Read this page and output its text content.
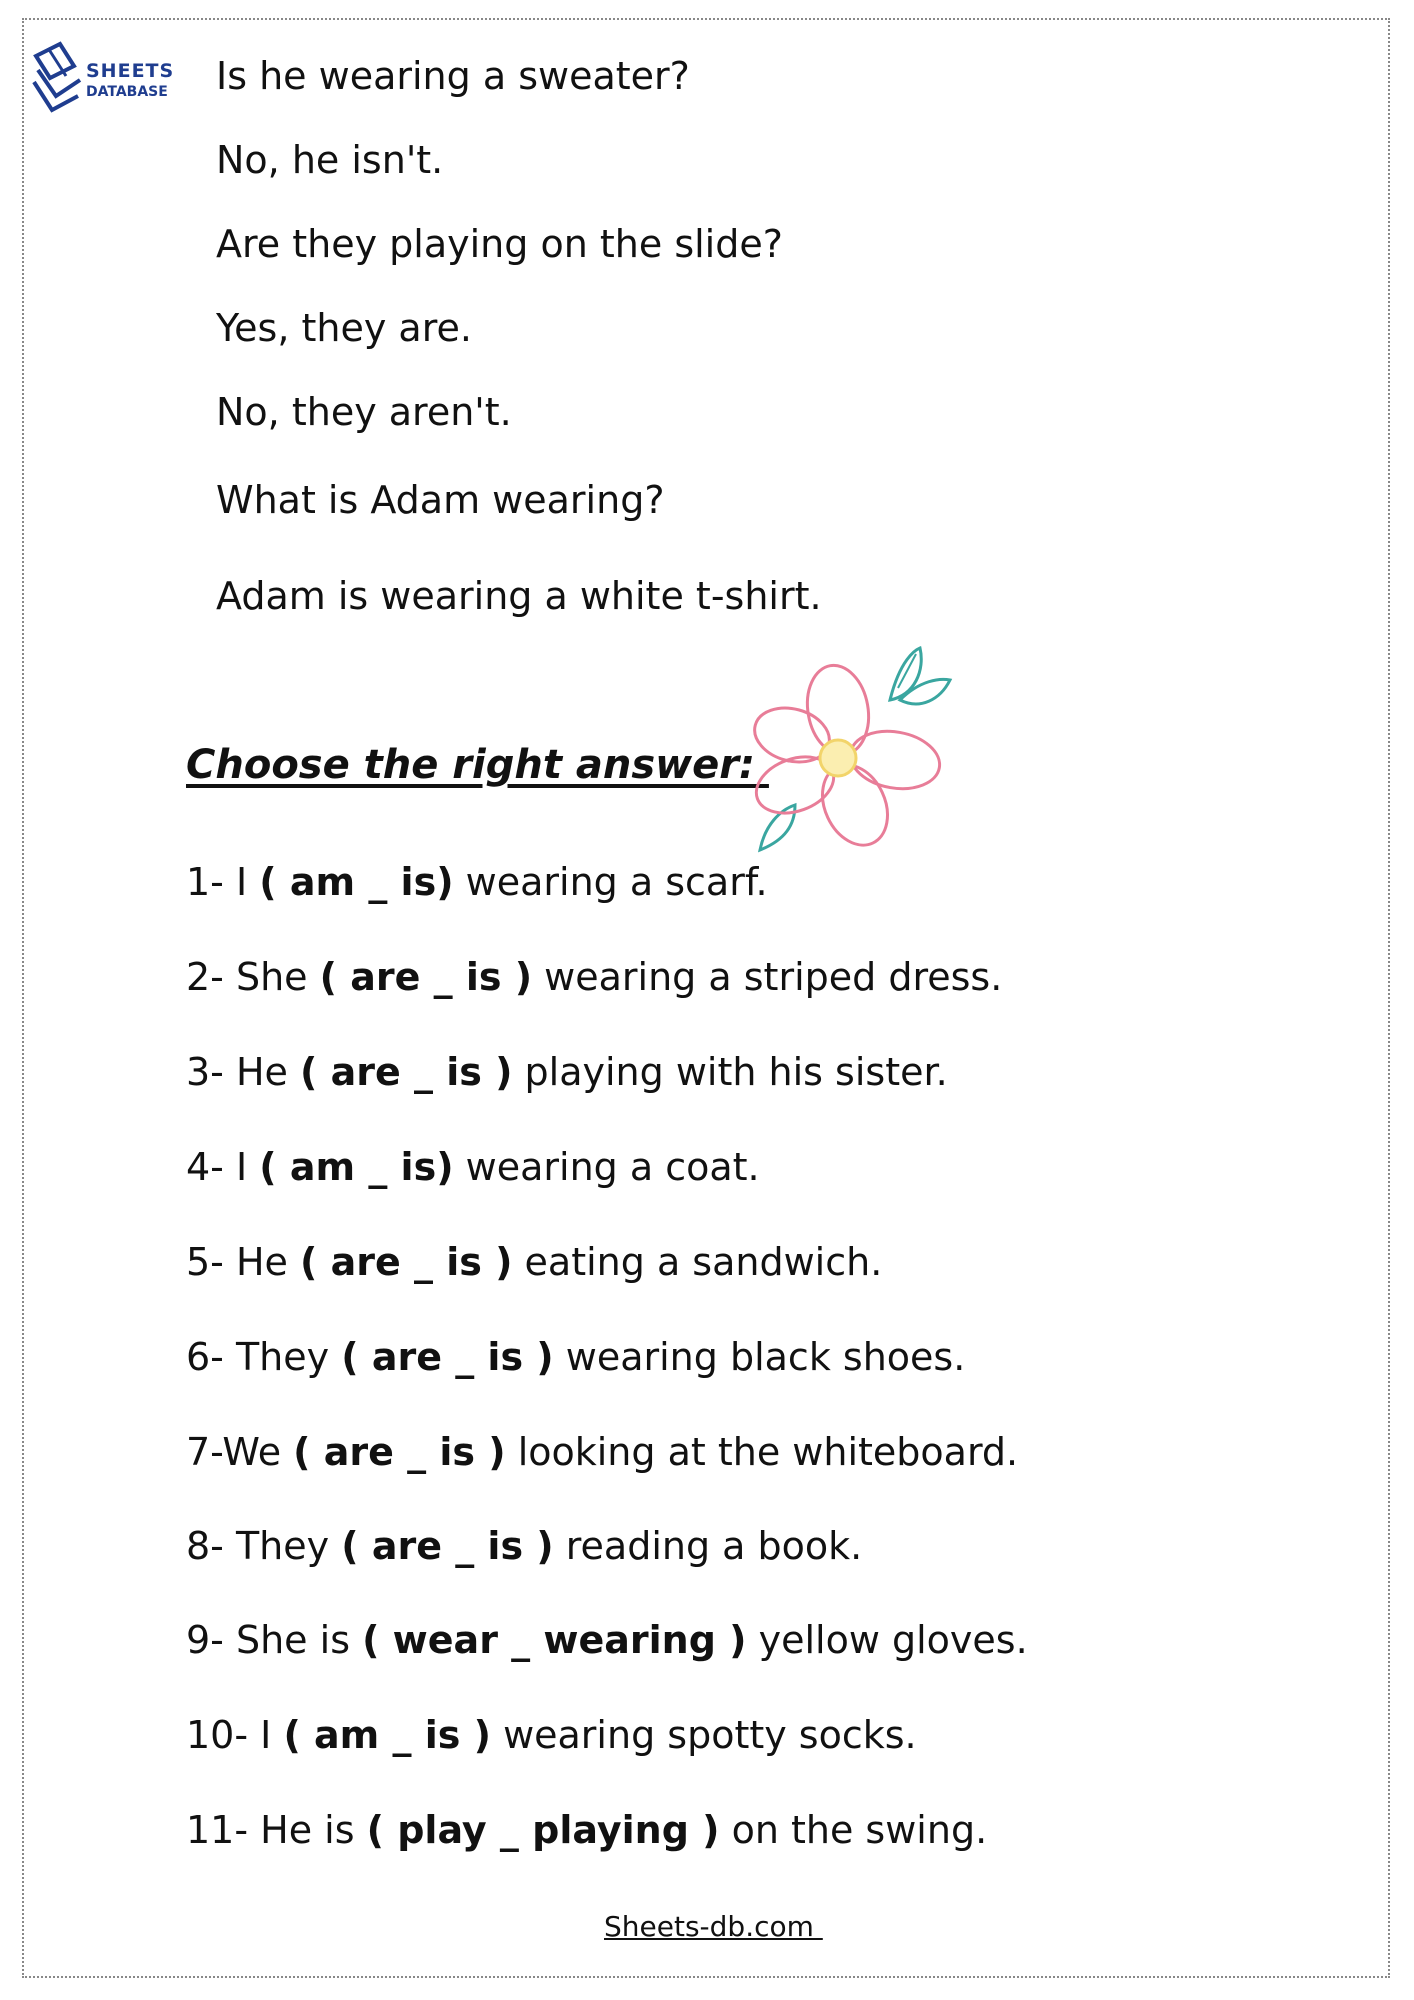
SHEETS
DATABASE Is he wearing a sweater?
No, he isn't.
Are they playing on the slide?
Yes, they are.
No, they aren't.
What is Adam wearing?
Adam is wearing a white t-shirt.
Choose the right answer:
1- I ( am _ is) wearing a scarf.
2- She ( are _ is ) wearing a striped dress.
3- He ( are _ is ) playing with his sister.
4- I ( am _ is) wearing a coat.
5- He ( are _ is ) eating a sandwich.
6- They ( are _ is ) wearing black shoes.
7-We ( are _ is ) looking at the whiteboard.
8- They ( are _ is ) reading a book.
9- She is ( wear _ wearing ) yellow gloves.
10- I ( am _ is ) wearing spotty socks.
11- He is ( play _ playing ) on the swing.
Sheets-db.com
